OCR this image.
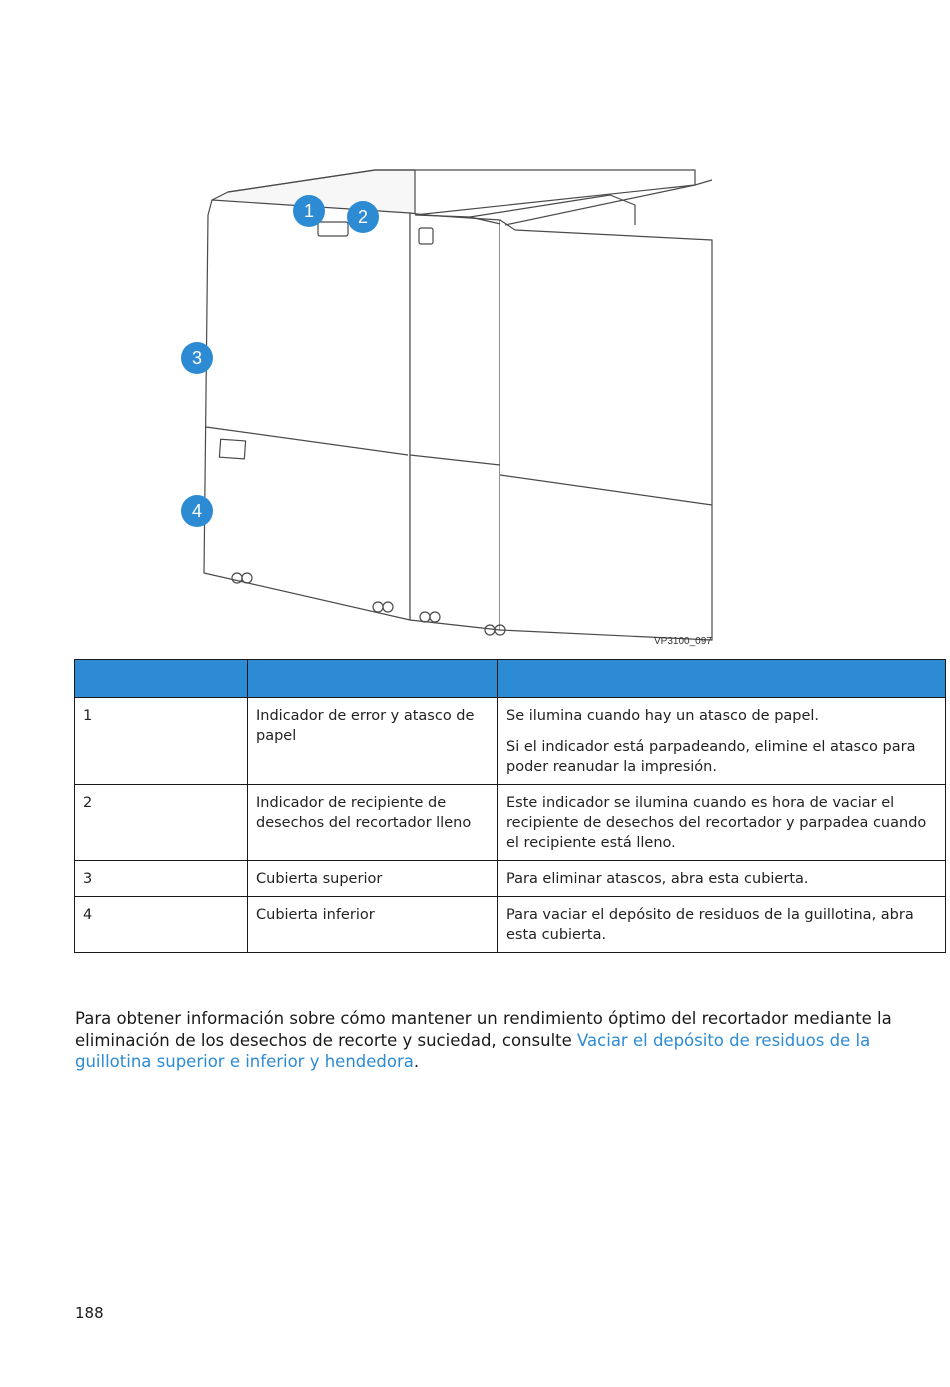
1 2
3
4
VP3100_097

1	Indicador de error y atasco de papel	Se ilumina cuando hay un atasco de papel.

Si el indicador está parpadeando, elimine el atasco para poder reanudar la impresión.

2	Indicador de recipiente de desechos del recortador lleno	Este indicador se ilumina cuando es hora de vaciar el recipiente de desechos del recortador y parpadea cuando el recipiente está lleno.

3	Cubierta superior	Para eliminar atascos, abra esta cubierta.

4	Cubierta inferior	Para vaciar el depósito de residuos de la guillotina, abra esta cubierta.

Para obtener información sobre cómo mantener un rendimiento óptimo del recortador mediante la eliminación de los desechos de recorte y suciedad, consulte Vaciar el depósito de residuos de la guillotina superior e inferior y hendedora.
188
